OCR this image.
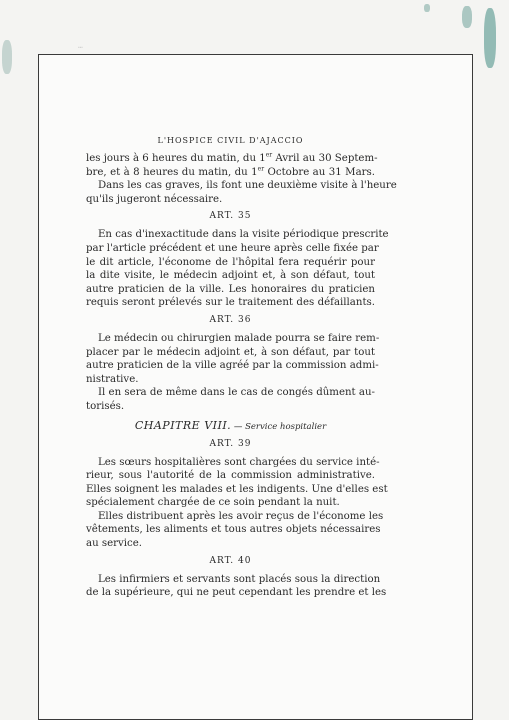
…
L'HOSPICE CIVIL D'AJACCIO
les jours à 6 heures du matin, du 1er Avril au 30 Septem-
bre, et à 8 heures du matin, du 1er Octobre au 31 Mars.
Dans les cas graves, ils font une deuxième visite à l'heure
qu'ils jugeront nécessaire.
ART. 35
En cas d'inexactitude dans la visite périodique prescrite
par l'article précédent et une heure après celle fixée par
le dit article, l'économe de l'hôpital fera requérir pour
la dite visite, le médecin adjoint et, à son défaut, tout
autre praticien de la ville. Les honoraires du praticien
requis seront prélevés sur le traitement des défaillants.
ART. 36
Le médecin ou chirurgien malade pourra se faire rem-
placer par le médecin adjoint et, à son défaut, par tout
autre praticien de la ville agréé par la commission admi-
nistrative.
Il en sera de même dans le cas de congés dûment au-
torisés.
CHAPITRE VIII. — Service hospitalier
ART. 39
Les sœurs hospitalières sont chargées du service inté-
rieur, sous l'autorité de la commission administrative.
Elles soignent les malades et les indigents. Une d'elles est
spécialement chargée de ce soin pendant la nuit.
Elles distribuent après les avoir reçus de l'économe les
vêtements, les aliments et tous autres objets nécessaires
au service.
ART. 40
Les infirmiers et servants sont placés sous la direction
de la supérieure, qui ne peut cependant les prendre et les
